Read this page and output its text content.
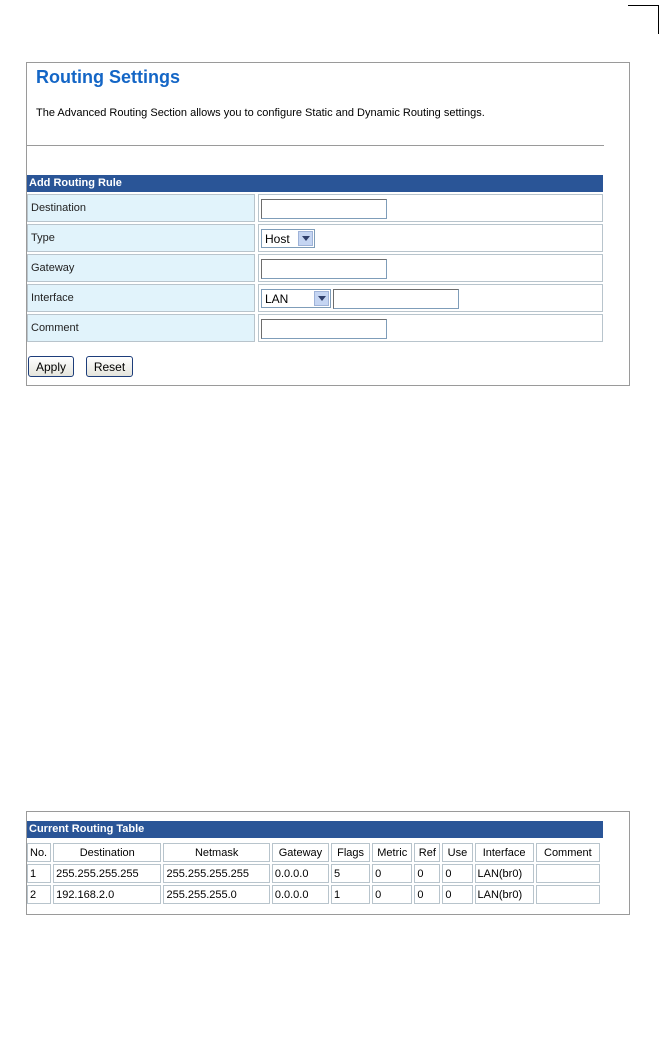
Routing Settings
The Advanced Routing Section allows you to configure Static and Dynamic Routing settings.
Add Routing Rule
Destination
Type	Host
Gateway
Interface	LAN
Comment
Apply	Reset
Current Routing Table
No.	Destination	Netmask	Gateway	Flags	Metric	Ref	Use	Interface	Comment
1	255.255.255.255	255.255.255.255	0.0.0.0	5	0	0	0	LAN(br0)	
2	192.168.2.0	255.255.255.0	0.0.0.0	1	0	0	0	LAN(br0)	
